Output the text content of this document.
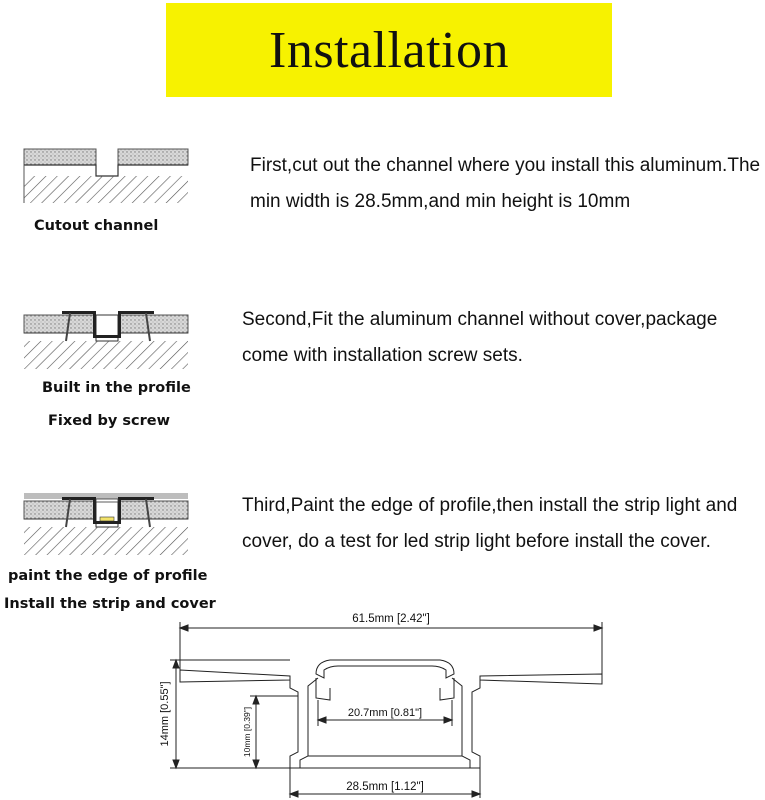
Installation
Cutout channel
First,cut out the channel where you install this aluminum.The min width is 28.5mm,and min height is 10mm
Built in the profile
Fixed by screw
Second,Fit the aluminum channel without cover,package come with installation screw sets.
paint the edge of profile
Install the strip and cover
Third,Paint the edge of profile,then install the strip light and cover, do a test for led strip light before install the cover.
61.5mm [2.42"]
20.7mm [0.81"]
28.5mm [1.12"]
14mm [0.55"]	10mm [0.39"]
